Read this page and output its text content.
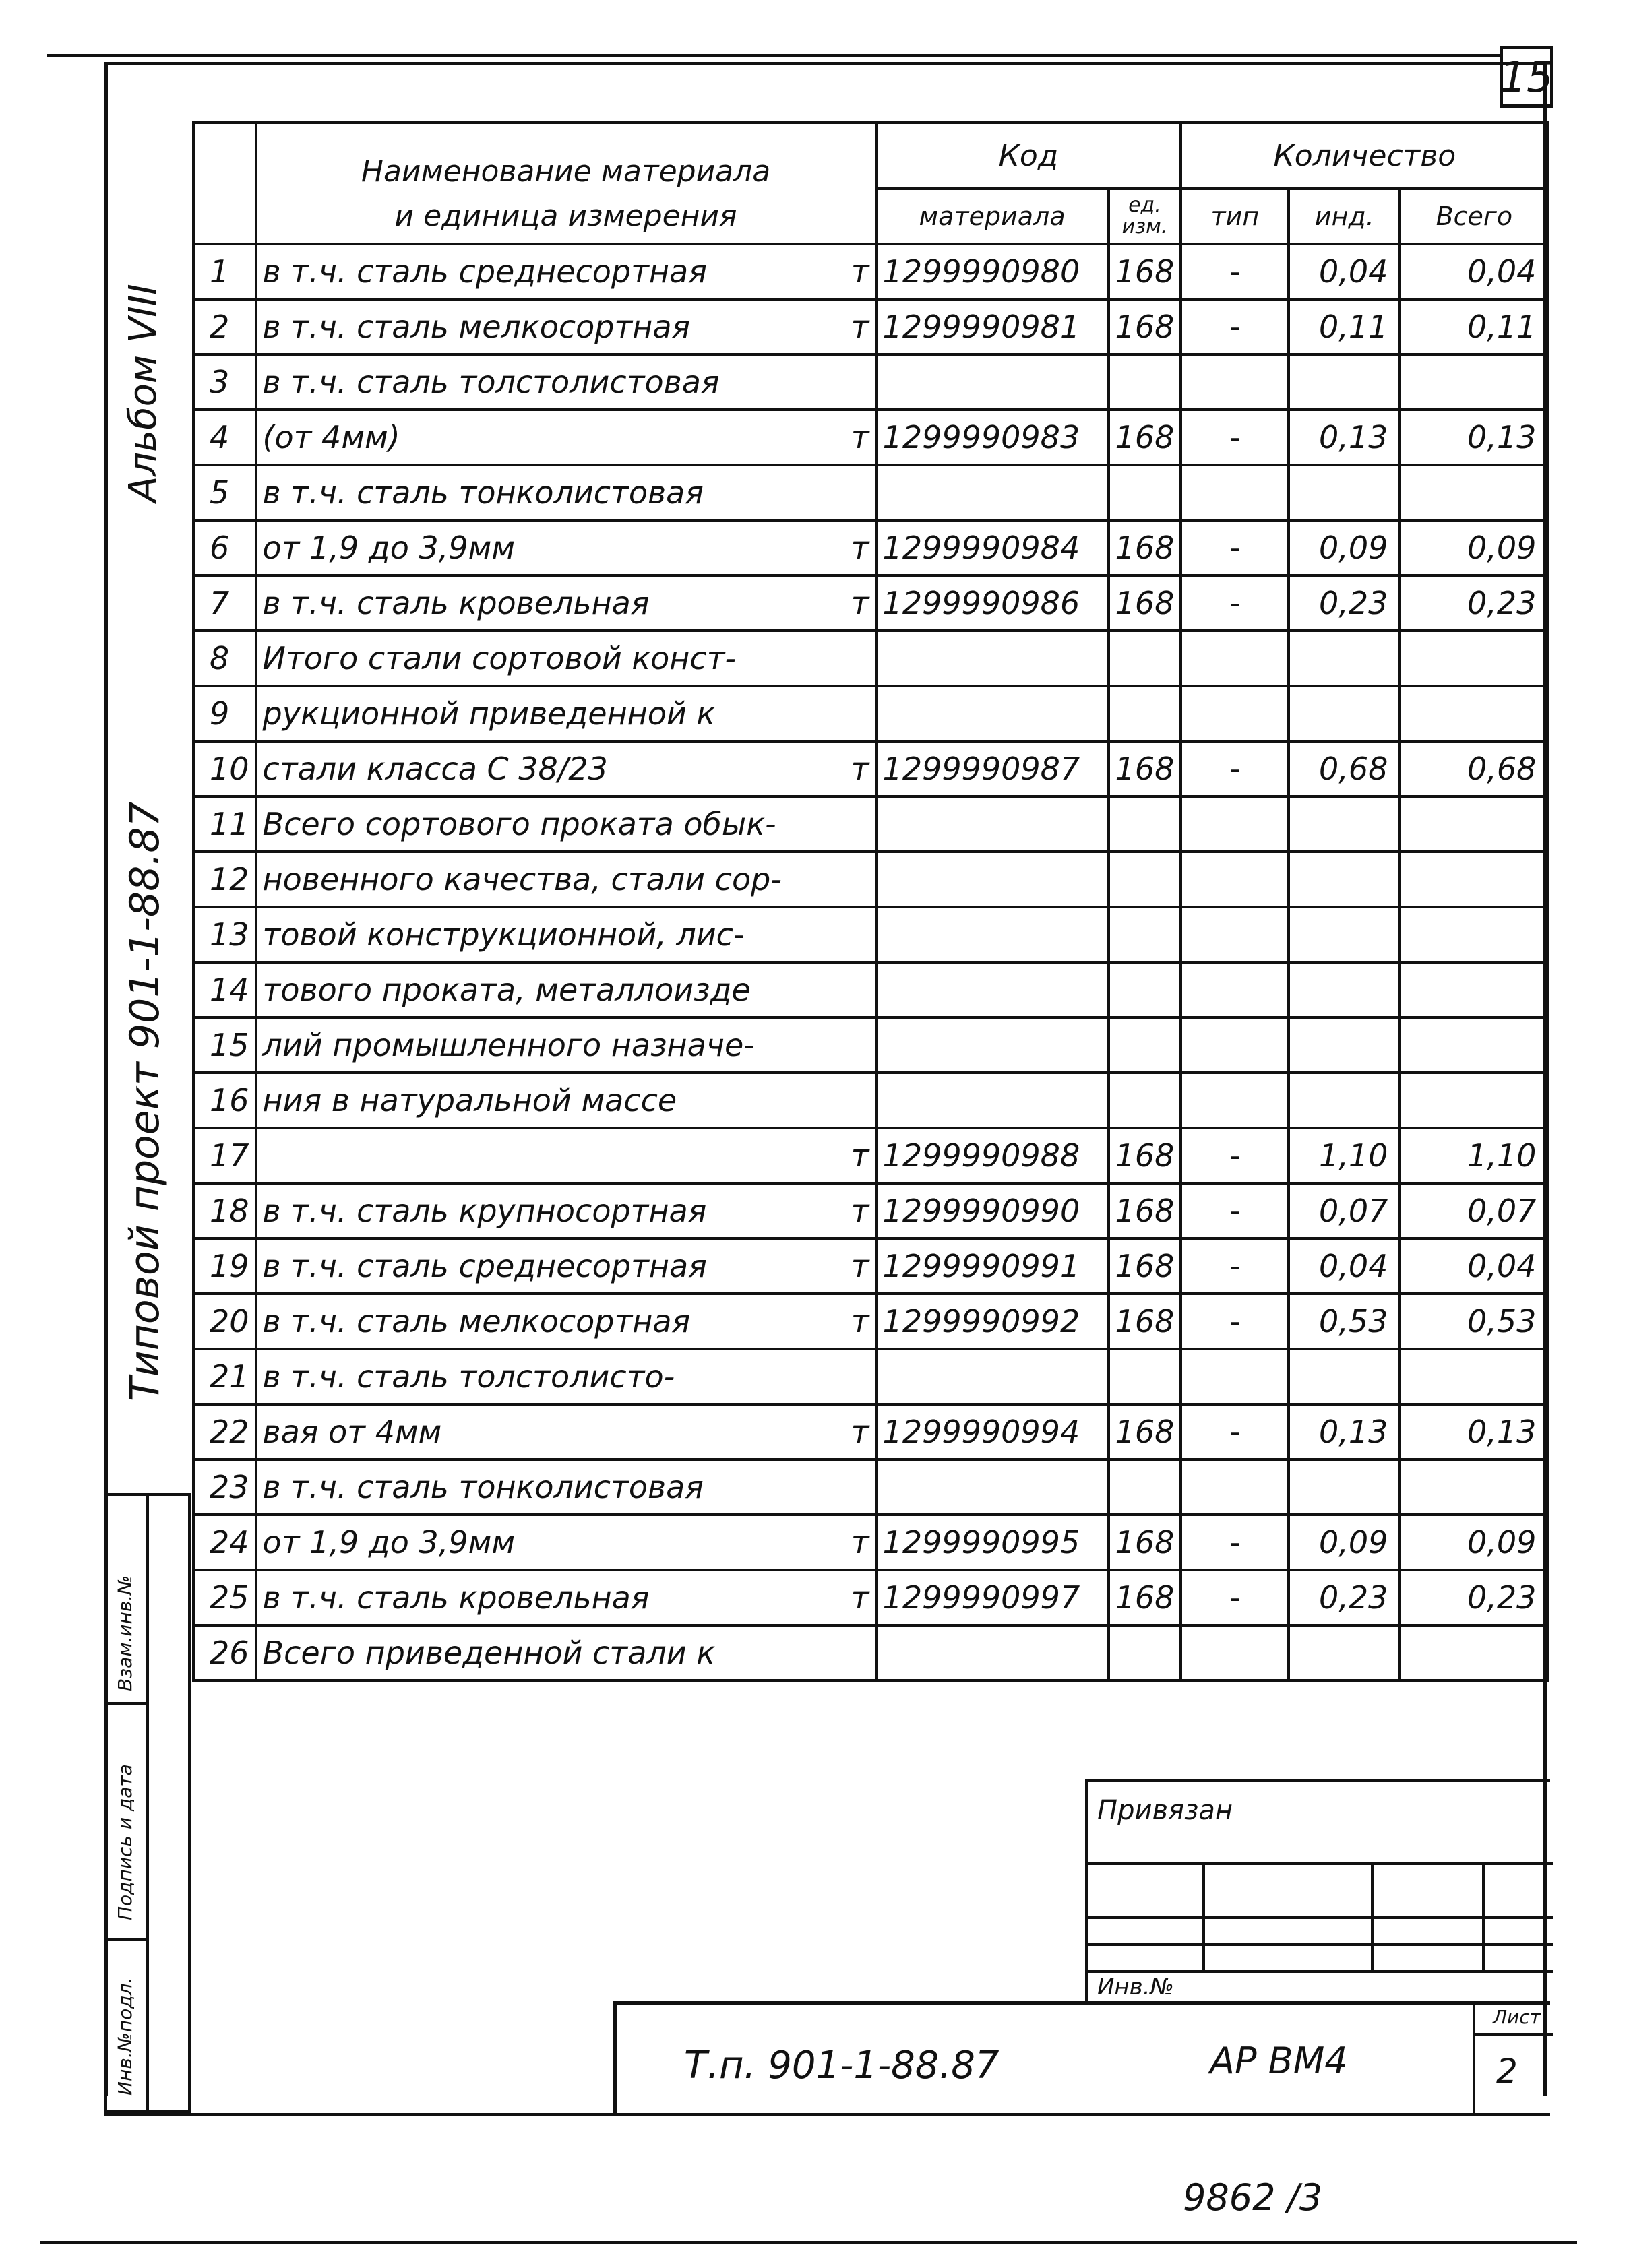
15
Альбом VIII
Типовой проект 901-1-88.87
	Наименование материала	Код		Количество		
	и единица измерения	материала	ед. изм.	тип	инд.	Всего
1	в т.ч. сталь среднесортная т	1299990980	168	-	0,04	0,04
2	в т.ч. сталь мелкосортная т	1299990981	168	-	0,11	0,11
3	в т.ч. сталь толстолистовая

4	(от 4мм) т	1299990983	168	-	0,13	0,13
5	в т.ч. сталь тонколистовая

6	от 1,9 до 3,9мм т	1299990984	168	-	0,09	0,09
7	в т.ч. сталь кровельная т	1299990986	168	-	0,23	0,23
8	Итого стали сортовой конст-

9	рукционной приведенной к

10	стали класса С 38/23 т	1299990987	168	-	0,68	0,68
11	Всего сортового проката обык-

12	новенного качества, стали сор-

13	товой конструкционной, лис-

14	тового проката, металлоизде

15	лий промышленного назначе-

16	ния в натуральной массе

17	т	1299990988	168	-	1,10	1,10
18	в т.ч. сталь крупносортная т	1299990990	168	-	0,07	0,07
19	в т.ч. сталь среднесортная т	1299990991	168	-	0,04	0,04
20	в т.ч. сталь мелкосортная т	1299990992	168	-	0,53	0,53
21	в т.ч. сталь толстолисто-

22	вая от 4мм т	1299990994	168	-	0,13	0,13
23	в т.ч. сталь тонколистовая

24	от 1,9 до 3,9мм т	1299990995	168	-	0,09	0,09
25	в т.ч. сталь кровельная т	1299990997	168	-	0,23	0,23
26	Всего приведенной стали к

Взам.инв.№
Подпись и дата
Инв.№подл.
Привязан
Инв.№
Т.п. 901-1-88.87	АР ВМ4
Лист
2
9862 /3
